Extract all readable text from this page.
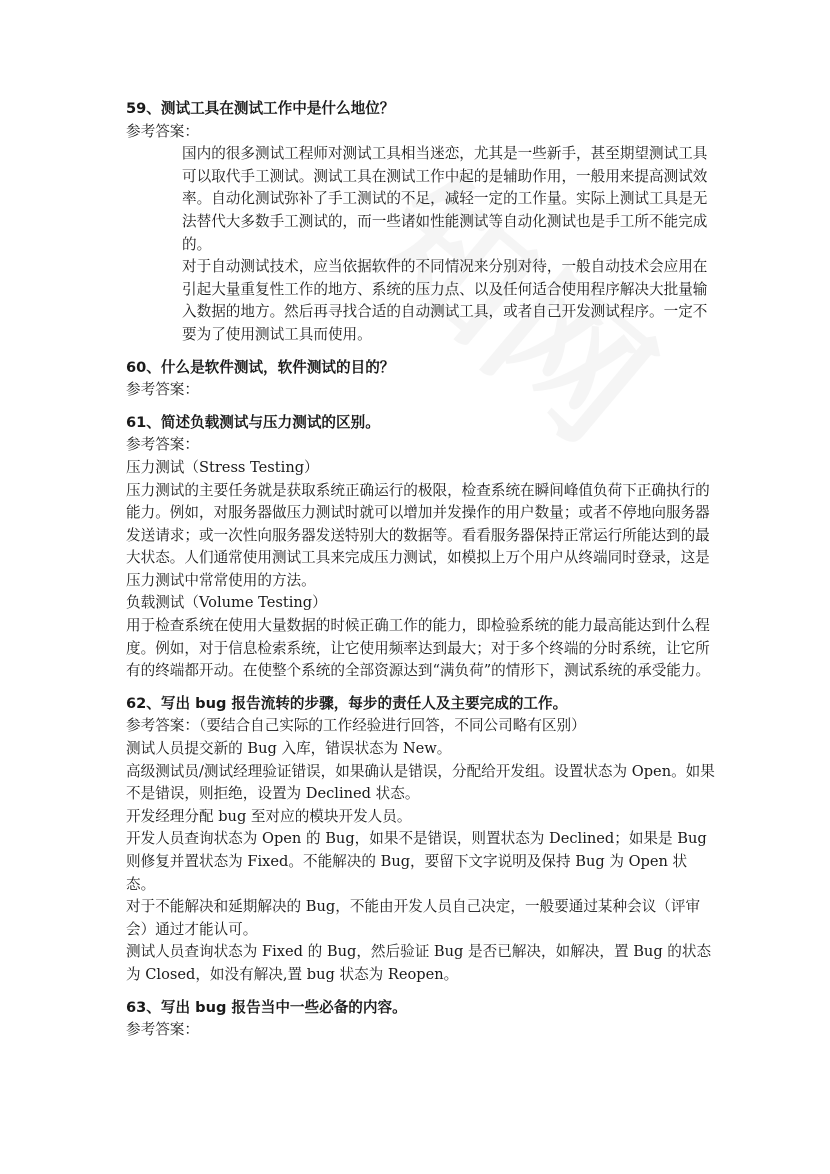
59、测试工具在测试工作中是什么地位？

参考答案：

国内的很多测试工程师对测试工具相当迷恋，尤其是一些新手，甚至期望测试工具可以取代手工测试。测试工具在测试工作中起的是辅助作用，一般用来提高测试效率。自动化测试弥补了手工测试的不足，减轻一定的工作量。实际上测试工具是无法替代大多数手工测试的，而一些诸如性能测试等自动化测试也是手工所不能完成的。

对于自动测试技术，应当依据软件的不同情况来分别对待，一般自动技术会应用在引起大量重复性工作的地方、系统的压力点、以及任何适合使用程序解决大批量输入数据的地方。然后再寻找合适的自动测试工具，或者自己开发测试程序。一定不要为了使用测试工具而使用。

60、什么是软件测试，软件测试的目的？

参考答案：

61、简述负载测试与压力测试的区别。

参考答案：

压力测试（Stress Testing）

压力测试的主要任务就是获取系统正确运行的极限，检查系统在瞬间峰值负荷下正确执行的能力。例如，对服务器做压力测试时就可以增加并发操作的用户数量；或者不停地向服务器发送请求；或一次性向服务器发送特别大的数据等。看看服务器保持正常运行所能达到的最大状态。人们通常使用测试工具来完成压力测试，如模拟上万个用户从终端同时登录，这是压力测试中常常使用的方法。

负载测试（Volume Testing）

用于检查系统在使用大量数据的时候正确工作的能力，即检验系统的能力最高能达到什么程度。例如，对于信息检索系统，让它使用频率达到最大；对于多个终端的分时系统，让它所有的终端都开动。在使整个系统的全部资源达到“满负荷”的情形下，测试系统的承受能力。

62、写出 bug 报告流转的步骤，每步的责任人及主要完成的工作。

参考答案：（要结合自己实际的工作经验进行回答，不同公司略有区别）

测试人员提交新的 Bug 入库，错误状态为 New。

高级测试员/测试经理验证错误，如果确认是错误，分配给开发组。设置状态为 Open。如果不是错误，则拒绝，设置为 Declined 状态。

开发经理分配 bug 至对应的模块开发人员。

开发人员查询状态为 Open 的 Bug，如果不是错误，则置状态为 Declined；如果是 Bug 则修复并置状态为 Fixed。不能解决的 Bug，要留下文字说明及保持 Bug 为 Open 状态。

对于不能解决和延期解决的 Bug，不能由开发人员自己决定，一般要通过某种会议（评审会）通过才能认可。

测试人员查询状态为 Fixed 的 Bug，然后验证 Bug 是否已解决，如解决，置 Bug 的状态为 Closed，如没有解决,置 bug 状态为 Reopen。

63、写出 bug 报告当中一些必备的内容。

参考答案：
